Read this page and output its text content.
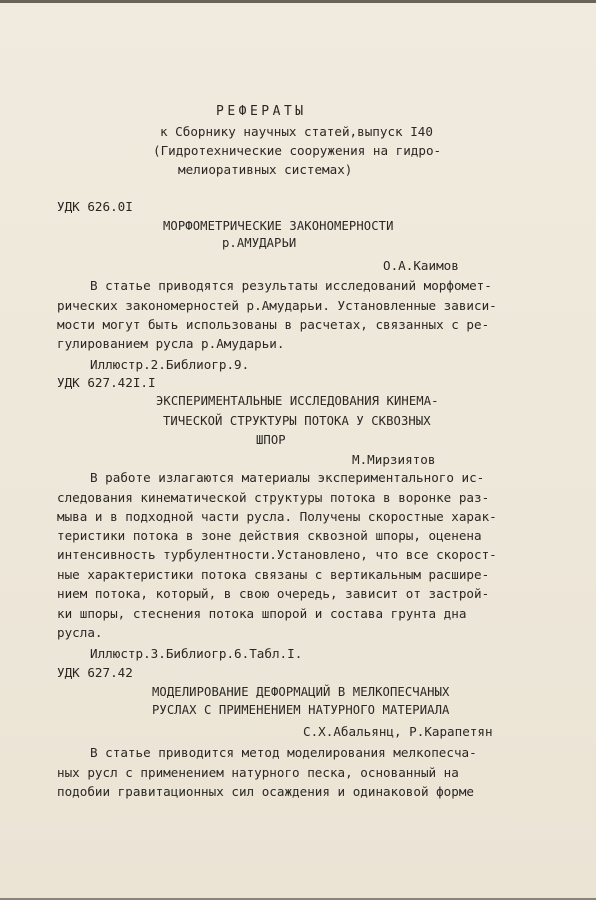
РЕФЕРАТЫ
к Сборнику научных статей,выпуск I40
(Гидротехнические сооружения на гидро-
мелиоративных системах)
УДК 626.0I
МОРФОМЕТРИЧЕСКИЕ ЗАКОНОМЕРНОСТИ
р.АМУДАРЬИ
О.А.Каимов
В статье приводятся результаты исследований морфомет-
рических закономерностей р.Амударьи. Установленные зависи-
мости могут быть использованы в расчетах, связанных с ре-
гулированием русла р.Амударьи.
Иллюстр.2.Библиогр.9.
УДК 627.42I.I
ЭКСПЕРИМЕНТАЛЬНЫЕ ИССЛЕДОВАНИЯ КИНЕМА-
ТИЧЕСКОЙ СТРУКТУРЫ ПОТОКА У СКВОЗНЫХ
ШПОР
М.Мирзиятов
В работе излагаются материалы экспериментального ис-
следования кинематической структуры потока в воронке раз-
мыва и в подходной части русла. Получены скоростные харак-
теристики потока в зоне действия сквозной шпоры, оценена
интенсивность турбулентности.Установлено, что все скорост-
ные характеристики потока связаны с вертикальным расшире-
нием потока, который, в свою очередь, зависит от застрой-
ки шпоры, стеснения потока шпорой и состава грунта дна
русла.
Иллюстр.3.Библиогр.6.Табл.I.
УДК 627.42
МОДЕЛИРОВАНИЕ ДЕФОРМАЦИЙ В МЕЛКОПЕСЧАНЫХ
РУСЛАХ С ПРИМЕНЕНИЕМ НАТУРНОГО МАТЕРИАЛА
С.Х.Абальянц, Р.Карапетян
В статье приводится метод моделирования мелкопесча-
ных русл с применением натурного песка, основанный на
подобии гравитационных сил осаждения и одинаковой форме
